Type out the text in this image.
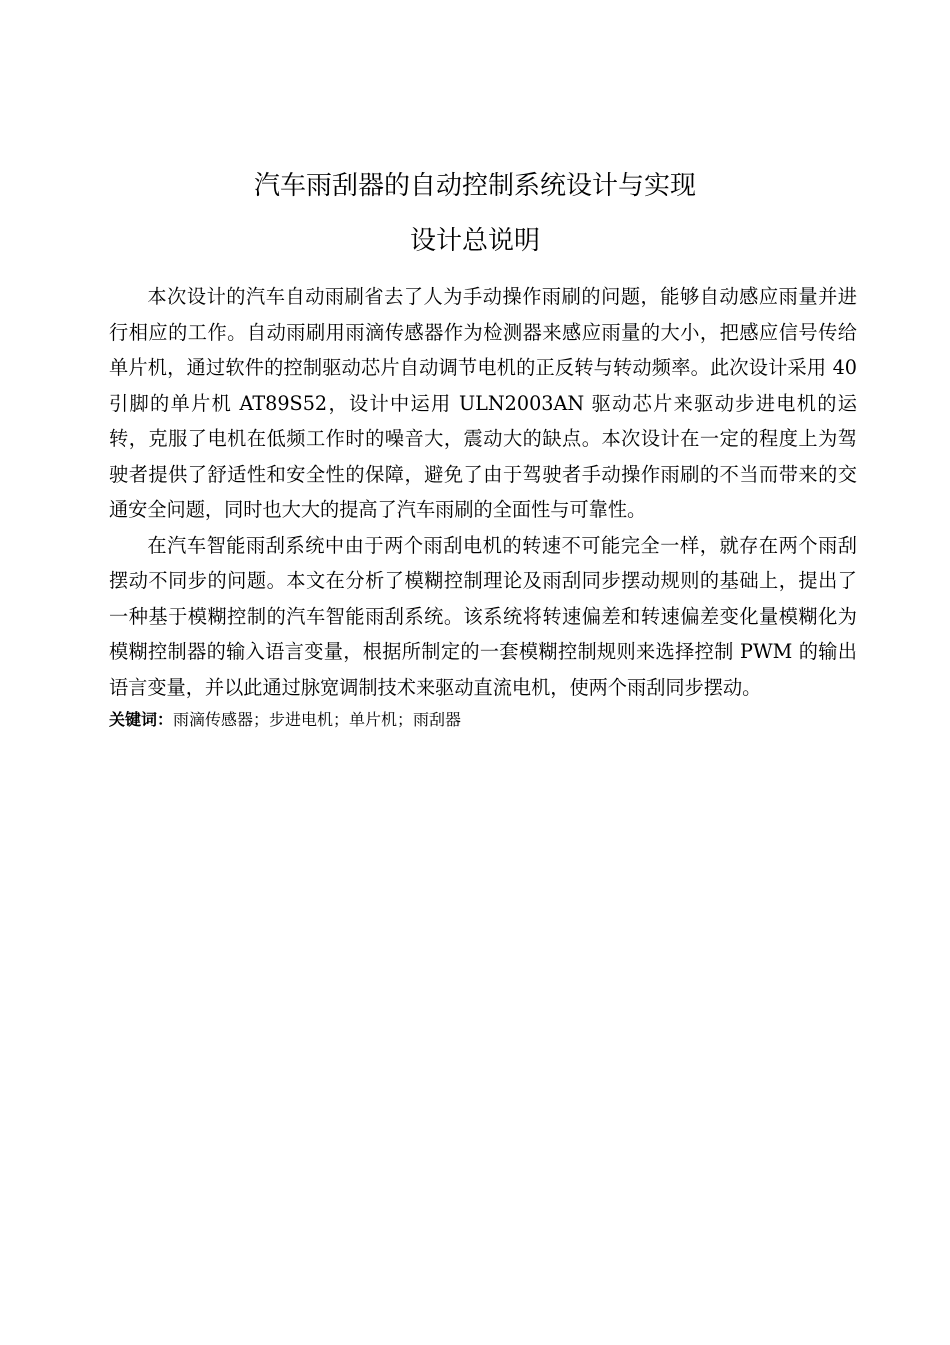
汽车雨刮器的自动控制系统设计与实现
设计总说明

本次设计的汽车自动雨刷省去了人为手动操作雨刷的问题，能够自动感应雨量并进行相应的工作。自动雨刷用雨滴传感器作为检测器来感应雨量的大小，把感应信号传给单片机，通过软件的控制驱动芯片自动调节电机的正反转与转动频率。此次设计采用 40 引脚的单片机 AT89S52，设计中运用 ULN2003AN 驱动芯片来驱动步进电机的运转，克服了电机在低频工作时的噪音大，震动大的缺点。本次设计在一定的程度上为驾驶者提供了舒适性和安全性的保障，避免了由于驾驶者手动操作雨刷的不当而带来的交通安全问题，同时也大大的提高了汽车雨刷的全面性与可靠性。

在汽车智能雨刮系统中由于两个雨刮电机的转速不可能完全一样，就存在两个雨刮摆动不同步的问题。本文在分析了模糊控制理论及雨刮同步摆动规则的基础上，提出了一种基于模糊控制的汽车智能雨刮系统。该系统将转速偏差和转速偏差变化量模糊化为模糊控制器的输入语言变量，根据所制定的一套模糊控制规则来选择控制 PWM 的输出语言变量，并以此通过脉宽调制技术来驱动直流电机，使两个雨刮同步摆动。

关键词：雨滴传感器；步进电机；单片机；雨刮器
